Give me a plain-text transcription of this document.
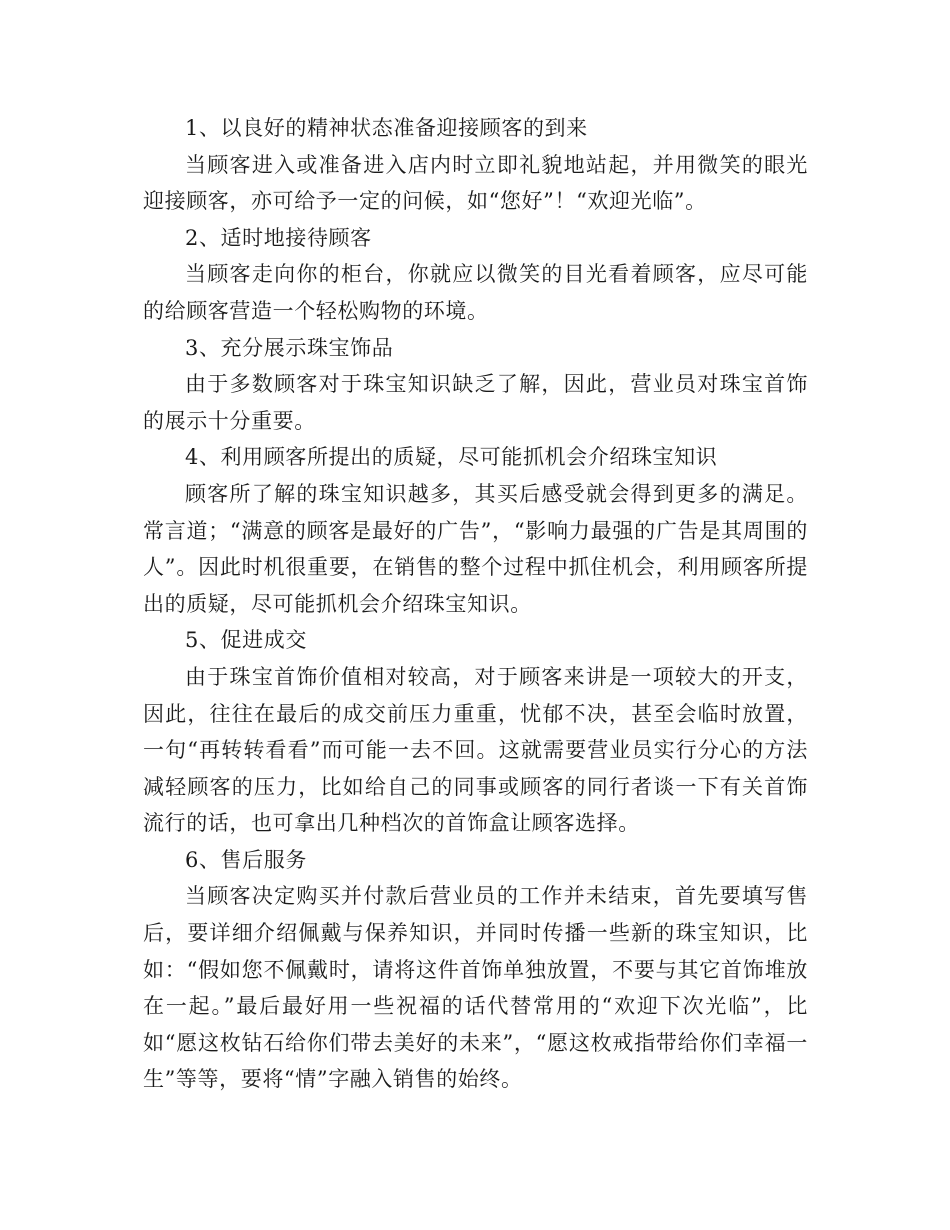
1、以良好的精神状态准备迎接顾客的到来

当顾客进入或准备进入店内时立即礼貌地站起，并用微笑的眼光迎接顾客，亦可给予一定的问候，如“您好”！“欢迎光临”。

2、适时地接待顾客

当顾客走向你的柜台，你就应以微笑的目光看着顾客，应尽可能的给顾客营造一个轻松购物的环境。

3、充分展示珠宝饰品

由于多数顾客对于珠宝知识缺乏了解，因此，营业员对珠宝首饰的展示十分重要。

4、利用顾客所提出的质疑，尽可能抓机会介绍珠宝知识

顾客所了解的珠宝知识越多，其买后感受就会得到更多的满足。常言道；“满意的顾客是最好的广告”，“影响力最强的广告是其周围的人”。因此时机很重要，在销售的整个过程中抓住机会，利用顾客所提出的质疑，尽可能抓机会介绍珠宝知识。

5、促进成交

由于珠宝首饰价值相对较高，对于顾客来讲是一项较大的开支，因此，往往在最后的成交前压力重重，忧郁不决，甚至会临时放置，一句“再转转看看”而可能一去不回。这就需要营业员实行分心的方法减轻顾客的压力，比如给自己的同事或顾客的同行者谈一下有关首饰流行的话，也可拿出几种档次的首饰盒让顾客选择。

6、售后服务

当顾客决定购买并付款后营业员的工作并未结束，首先要填写售后，要详细介绍佩戴与保养知识，并同时传播一些新的珠宝知识，比如：“假如您不佩戴时，请将这件首饰单独放置，不要与其它首饰堆放在一起。”最后最好用一些祝福的话代替常用的“欢迎下次光临”，比如“愿这枚钻石给你们带去美好的未来”，“愿这枚戒指带给你们幸福一生”等等，要将“情”字融入销售的始终。
